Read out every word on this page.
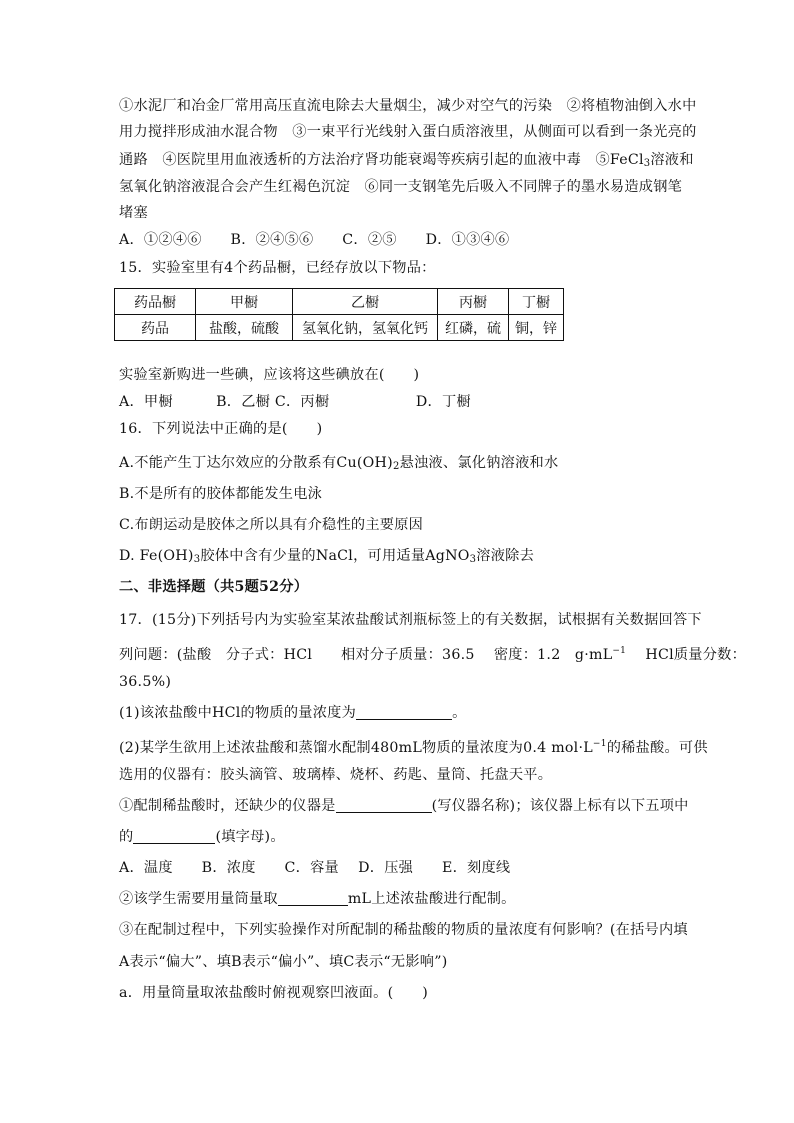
①水泥厂和冶金厂常用高压直流电除去大量烟尘，减少对空气的污染　②将植物油倒入水中
用力搅拌形成油水混合物　③一束平行光线射入蛋白质溶液里，从侧面可以看到一条光亮的
通路　④医院里用血液透析的方法治疗肾功能衰竭等疾病引起的血液中毒　⑤FeCl$_3$溶液和
氢氧化钠溶液混合会产生红褐色沉淀　⑥同一支钢笔先后吸入不同牌子的墨水易造成钢笔
堵塞
A．①②④⑥　　B．②④⑤⑥　　C．②⑤　　D．①③④⑥
15．实验室里有4个药品橱，已经存放以下物品：
药品橱	甲橱	乙橱	丙橱	丁橱
药品	盐酸，硫酸	氢氧化钠，氢氧化钙	红磷，硫	铜，锌
实验室新购进一些碘，应该将这些碘放在(　　)
A．甲橱　　　B．乙橱 C．丙橱　　　　　　D．丁橱
16．下列说法中正确的是(　　)
A.不能产生丁达尔效应的分散系有$Cu(OH)_2$悬浊液、氯化钠溶液和水
B.不是所有的胶体都能发生电泳
C.布朗运动是胶体之所以具有介稳性的主要原因
D. $Fe(OH)_3$胶体中含有少量的NaCl，可用适量AgNO$_3$溶液除去
二、非选择题（共5题52分）
17．(15分)下列括号内为实验室某浓盐酸试剂瓶标签上的有关数据，试根据有关数据回答下
列问题：(盐酸　分子式：HCl　　相对分子质量：36.5　 密度：1.2　$g\cdot mL^{-1}$　 HCl质量分数：
36.5%)
(1)该浓盐酸中HCl的物质的量浓度为	。
(2)某学生欲用上述浓盐酸和蒸馏水配制480mL物质的量浓度为0.4 $mol\cdot L^{-1}$的稀盐酸。可供
选用的仪器有：胶头滴管、玻璃棒、烧杯、药匙、量筒、托盘天平。
①配制稀盐酸时，还缺少的仪器是	(写仪器名称)；该仪器上标有以下五项中
的	(填字母)。
A．温度　　B．浓度　　C．容量　 D．压强　　E．刻度线
②该学生需要用量筒量取	mL上述浓盐酸进行配制。
③在配制过程中，下列实验操作对所配制的稀盐酸的物质的量浓度有何影响？(在括号内填
A表示“偏大”、填B表示“偏小”、填C表示“无影响”)
a．用量筒量取浓盐酸时俯视观察凹液面。(　　)
